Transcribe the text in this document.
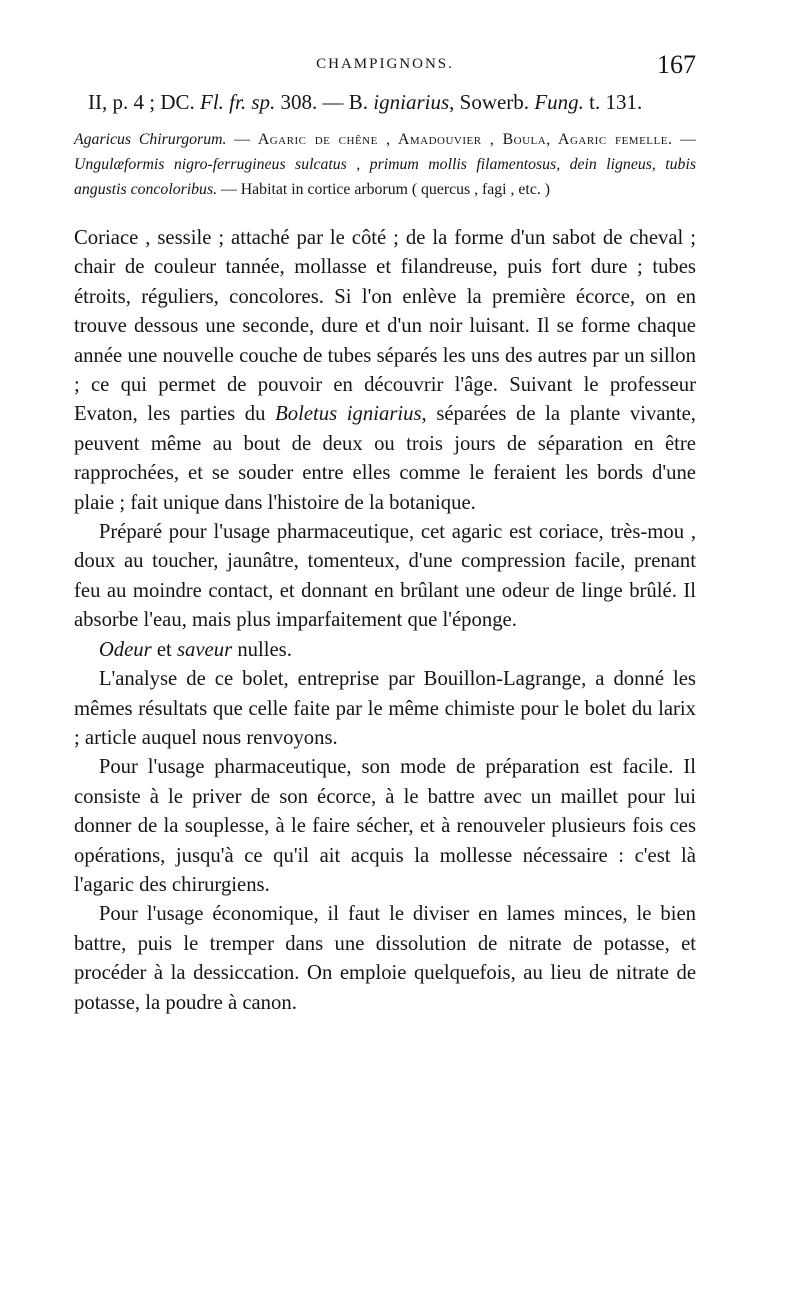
CHAMPIGNONS.	167
II, p. 4 ; DC. Fl. fr. sp. 308. — B. igniarius, Sowerb. Fung. t. 131.
Agaricus Chirurgorum. — Agaric de chêne , Amadouvier , Boula, Agaric femelle. — Ungulæformis nigro-ferrugineus sulcatus , primum mollis filamentosus, dein ligneus, tubis angustis concoloribus. — Habitat in cortice arborum ( quercus , fagi , etc. )

Coriace , sessile ; attaché par le côté ; de la forme d'un sabot de cheval ; chair de couleur tannée, mollasse et filandreuse, puis fort dure ; tubes étroits, réguliers, concolores. Si l'on enlève la première écorce, on en trouve dessous une seconde, dure et d'un noir luisant. Il se forme chaque année une nouvelle couche de tubes séparés les uns des autres par un sillon ; ce qui permet de pouvoir en découvrir l'âge. Suivant le professeur Evaton, les parties du Boletus igniarius, séparées de la plante vivante, peuvent même au bout de deux ou trois jours de séparation en être rapprochées, et se souder entre elles comme le feraient les bords d'une plaie ; fait unique dans l'histoire de la botanique.

Préparé pour l'usage pharmaceutique, cet agaric est coriace, très-mou , doux au toucher, jaunâtre, tomenteux, d'une compression facile, prenant feu au moindre contact, et donnant en brûlant une odeur de linge brûlé. Il absorbe l'eau, mais plus imparfaitement que l'éponge.

Odeur et saveur nulles.

L'analyse de ce bolet, entreprise par Bouillon-Lagrange, a donné les mêmes résultats que celle faite par le même chimiste pour le bolet du larix ; article auquel nous renvoyons.

Pour l'usage pharmaceutique, son mode de préparation est facile. Il consiste à le priver de son écorce, à le battre avec un maillet pour lui donner de la souplesse, à le faire sécher, et à renouveler plusieurs fois ces opérations, jusqu'à ce qu'il ait acquis la mollesse nécessaire : c'est là l'agaric des chirurgiens.

Pour l'usage économique, il faut le diviser en lames minces, le bien battre, puis le tremper dans une dissolution de nitrate de potasse, et procéder à la dessiccation. On emploie quelquefois, au lieu de nitrate de potasse, la poudre à canon.
